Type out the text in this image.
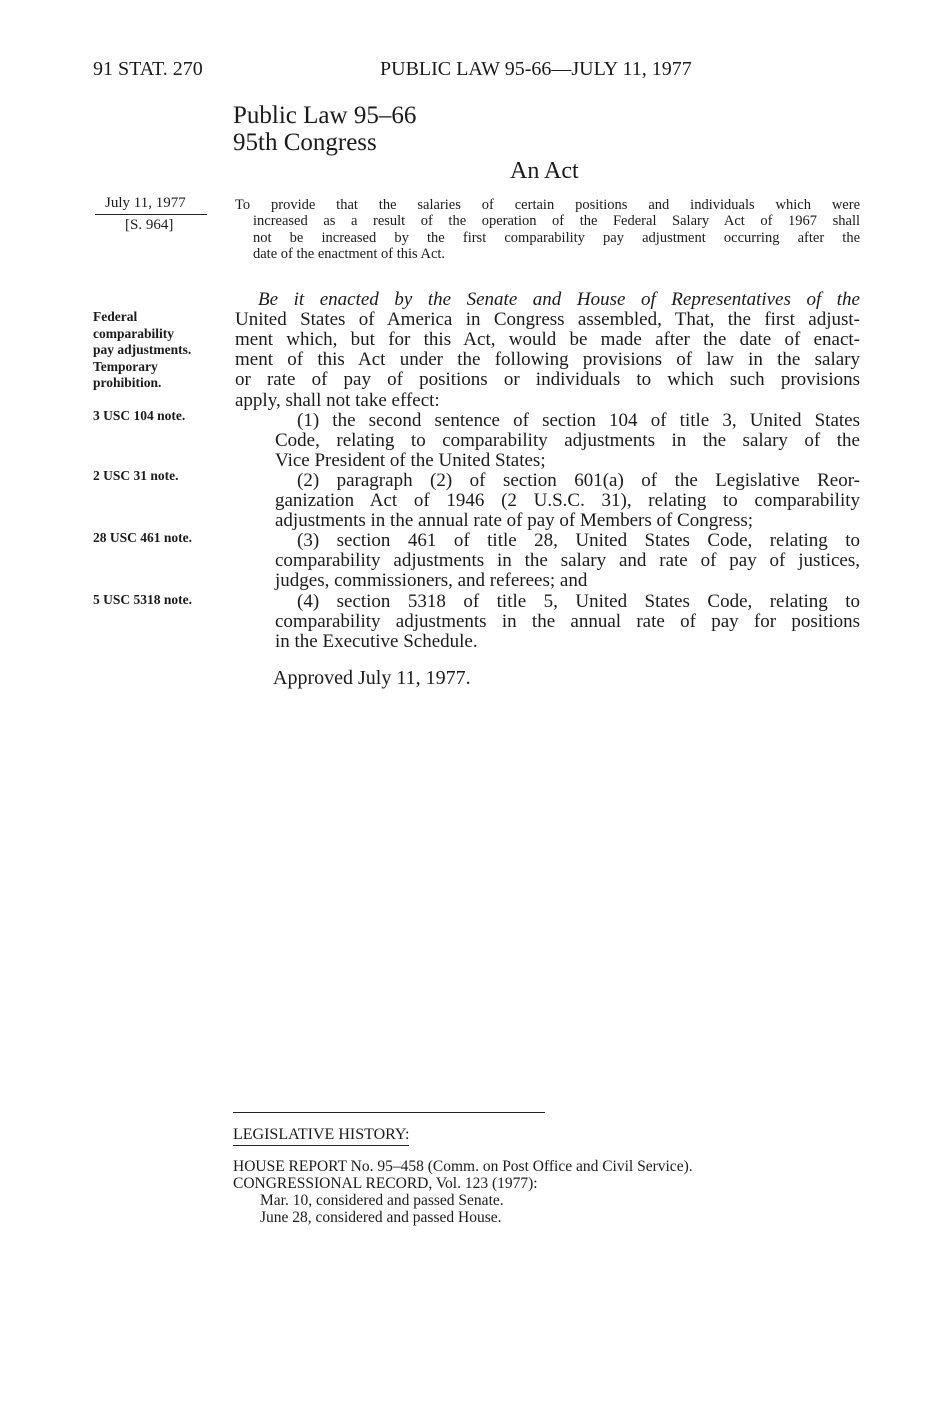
91 STAT. 270	PUBLIC LAW 95-66—JULY 11, 1977
Public Law 95–66
95th Congress
An Act
July 11, 1977
[S. 964]
To provide that the salaries of certain positions and individuals which were
increased as a result of the operation of the Federal Salary Act of 1967 shall
not be increased by the first comparability pay adjustment occurring after the
date of the enactment of this Act.
Federal
comparability
pay adjustments.
Temporary
prohibition.
3 USC 104 note.
2 USC 31 note.
28 USC 461 note.
5 USC 5318 note.
Be it enacted by the Senate and House of Representatives of the
United States of America in Congress assembled, That, the first adjust-
ment which, but for this Act, would be made after the date of enact-
ment of this Act under the following provisions of law in the salary
or rate of pay of positions or individuals to which such provisions
apply, shall not take effect:
(1) the second sentence of section 104 of title 3, United States
Code, relating to comparability adjustments in the salary of the
Vice President of the United States;
(2) paragraph (2) of section 601(a) of the Legislative Reor-
ganization Act of 1946 (2 U.S.C. 31), relating to comparability
adjustments in the annual rate of pay of Members of Congress;
(3) section 461 of title 28, United States Code, relating to
comparability adjustments in the salary and rate of pay of justices,
judges, commissioners, and referees; and
(4) section 5318 of title 5, United States Code, relating to
comparability adjustments in the annual rate of pay for positions
in the Executive Schedule.
Approved July 11, 1977.
LEGISLATIVE HISTORY:
HOUSE REPORT No. 95–458 (Comm. on Post Office and Civil Service).
CONGRESSIONAL RECORD, Vol. 123 (1977):
Mar. 10, considered and passed Senate.
June 28, considered and passed House.
